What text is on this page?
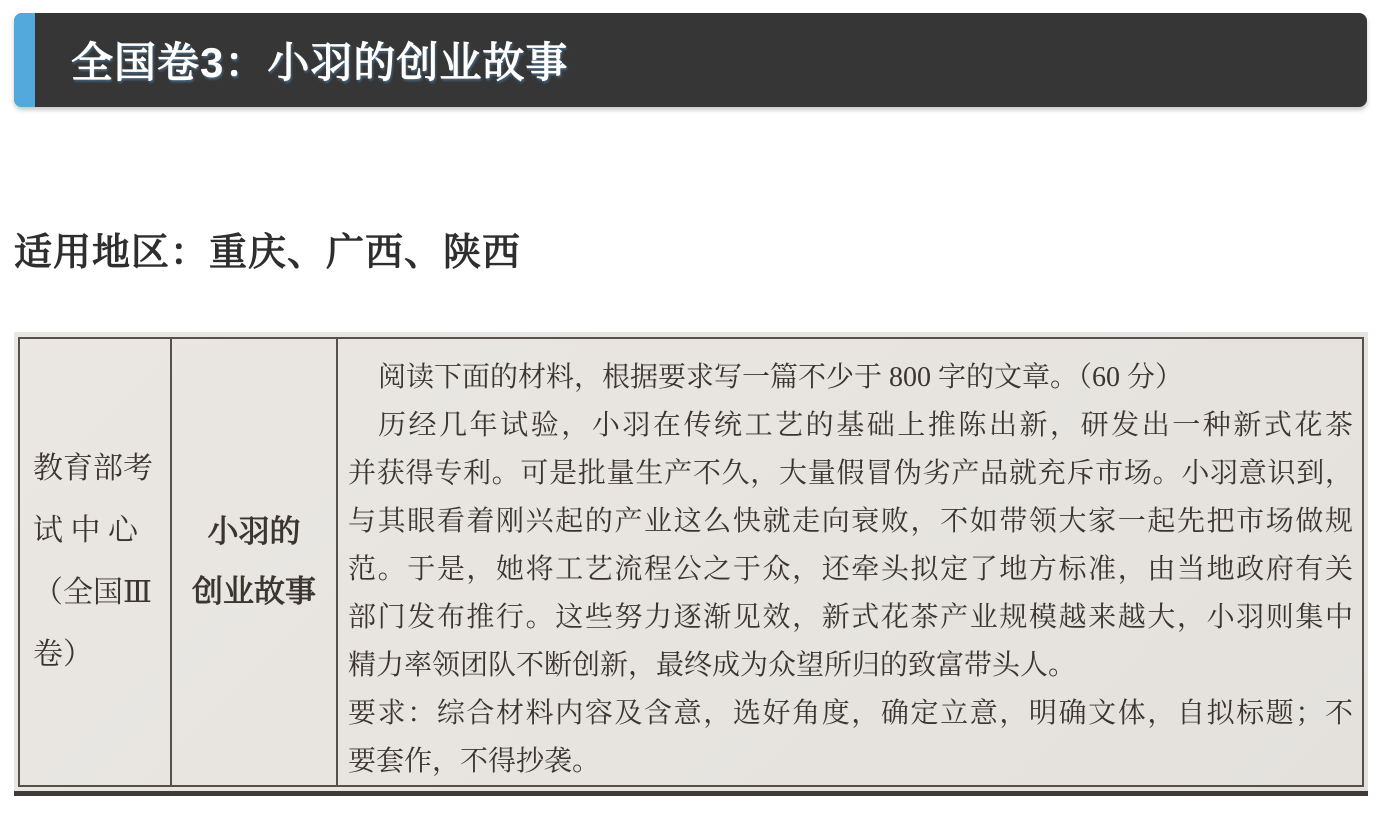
全国卷3：小羽的创业故事
适用地区：重庆、广西、陕西
教育部考
试 中 心
（全国Ⅲ
卷）
小羽的
创业故事
阅读下面的材料，根据要求写一篇不少于 800 字的文章。（60 分）
历经几年试验，小羽在传统工艺的基础上推陈出新，研发出一种新式花茶
并获得专利。可是批量生产不久，大量假冒伪劣产品就充斥市场。小羽意识到，
与其眼看着刚兴起的产业这么快就走向衰败，不如带领大家一起先把市场做规
范。于是，她将工艺流程公之于众，还牵头拟定了地方标准，由当地政府有关
部门发布推行。这些努力逐渐见效，新式花茶产业规模越来越大，小羽则集中
精力率领团队不断创新，最终成为众望所归的致富带头人。
要求：综合材料内容及含意，选好角度，确定立意，明确文体，自拟标题；不
要套作，不得抄袭。
